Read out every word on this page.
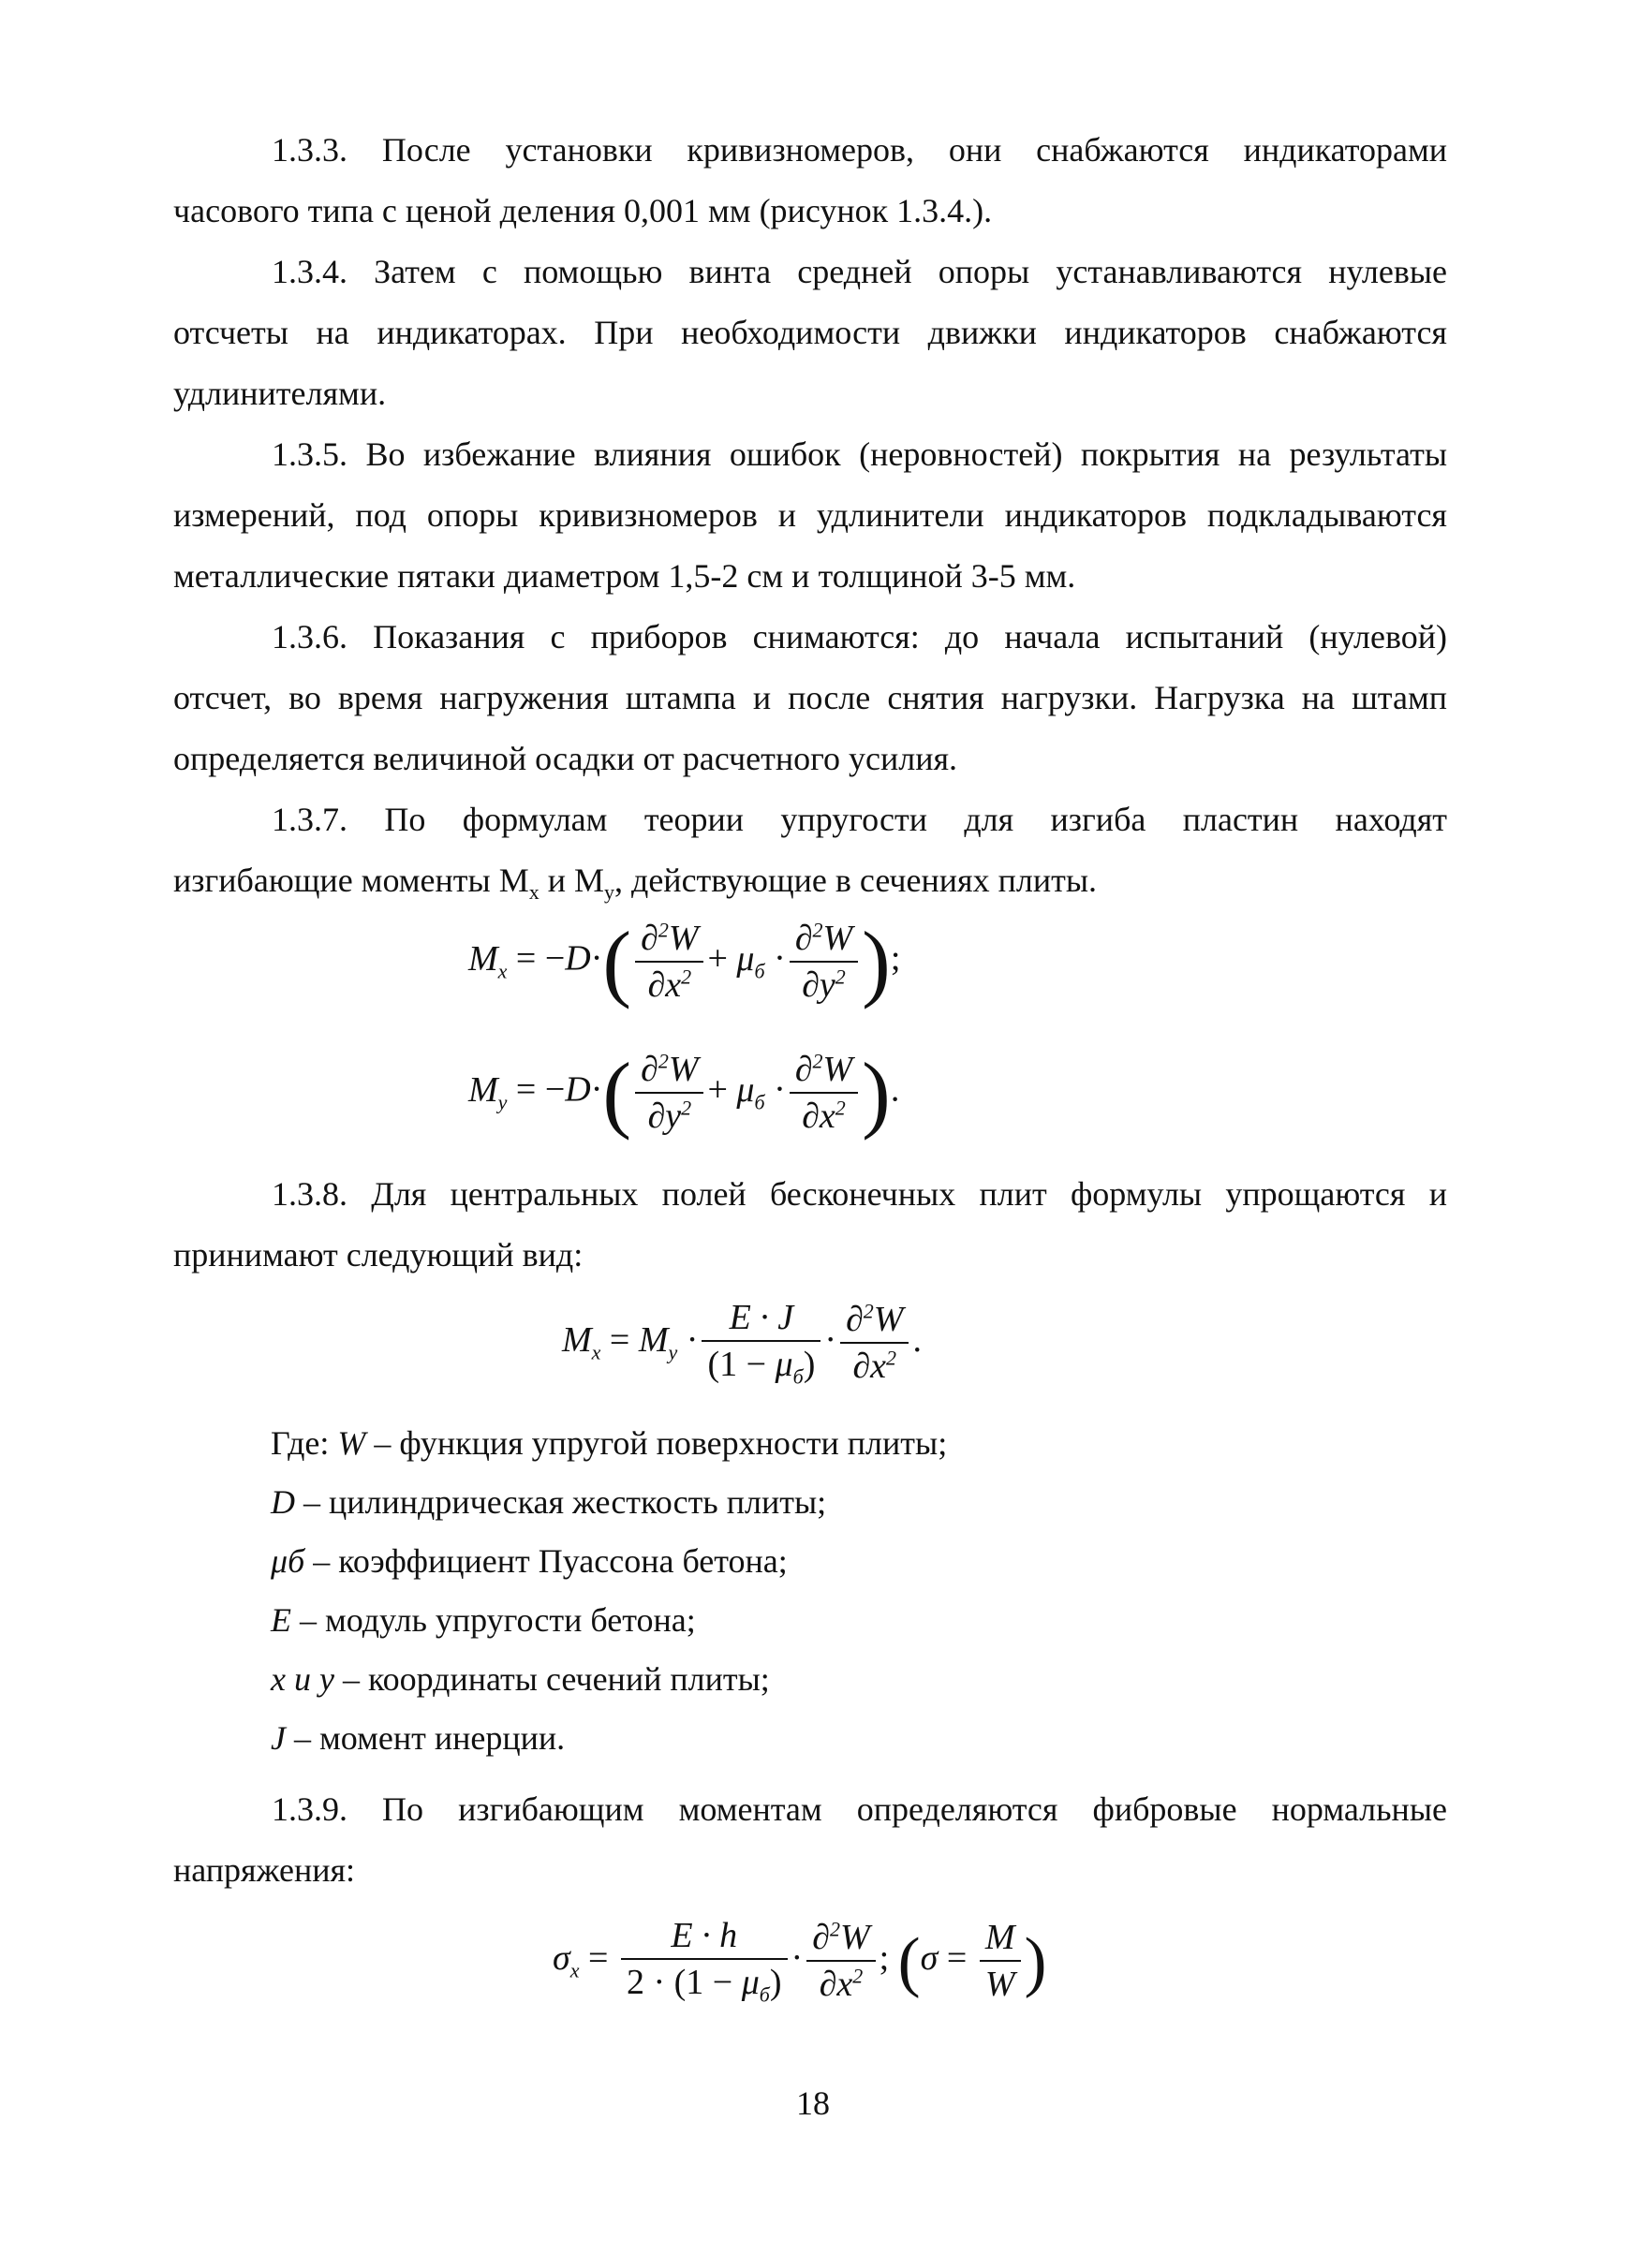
1.3.3. После установки кривизномеров, они снабжаются индикаторами
часового типа с ценой деления 0,001 мм (рисунок 1.3.4.).
1.3.4. Затем с помощью винта средней опоры устанавливаются нулевые
отсчеты на индикаторах. При необходимости движки индикаторов снабжаются
удлинителями.
1.3.5. Во избежание влияния ошибок (неровностей) покрытия на результаты
измерений, под опоры кривизномеров и удлинители индикаторов подкладываются
металлические пятаки диаметром 1,5-2 см и толщиной 3-5 мм.
1.3.6. Показания с приборов снимаются: до начала испытаний (нулевой)
отсчет, во время нагружения штампа и после снятия нагрузки. Нагрузка на штамп
определяется величиной осадки от расчетного усилия.
1.3.7. По формулам теории упругости для изгиба пластин находят
изгибающие моменты $M_x$ и $M_y$, действующие в сечениях плиты.
$M_x = -D\cdot( \frac{\partial^2W}{\partial x^2} + \mu_б \cdot \frac{\partial^2W}{\partial y^2}$ );
$M_y = -D\cdot( \frac{\partial^2W}{\partial y^2} + \mu_б \cdot \frac{\partial^2W}{\partial x^2}$ ).
1.3.8. Для центральных полей бесконечных плит формулы упрощаются и
принимают следующий вид:
$M_x = M_y \cdot \frac{E \cdot J}{(1 - \mu_б)} \cdot \frac{\partial^2W}{\partial x^2}$ .
Где: W – функция упругой поверхности плиты;
D – цилиндрическая жесткость плиты;
μб – коэффициент Пуассона бетона;
E – модуль упругости бетона;
x и y – координаты сечений плиты;
J – момент инерции.
1.3.9. По изгибающим моментам определяются фибровые нормальные
напряжения:
$\sigma_x = \frac{E \cdot h}{2 \cdot (1 - \mu_б)} \cdot \frac{\partial^2W}{\partial x^2}$ ; ($\sigma = \frac{M}{W}$ )
18
